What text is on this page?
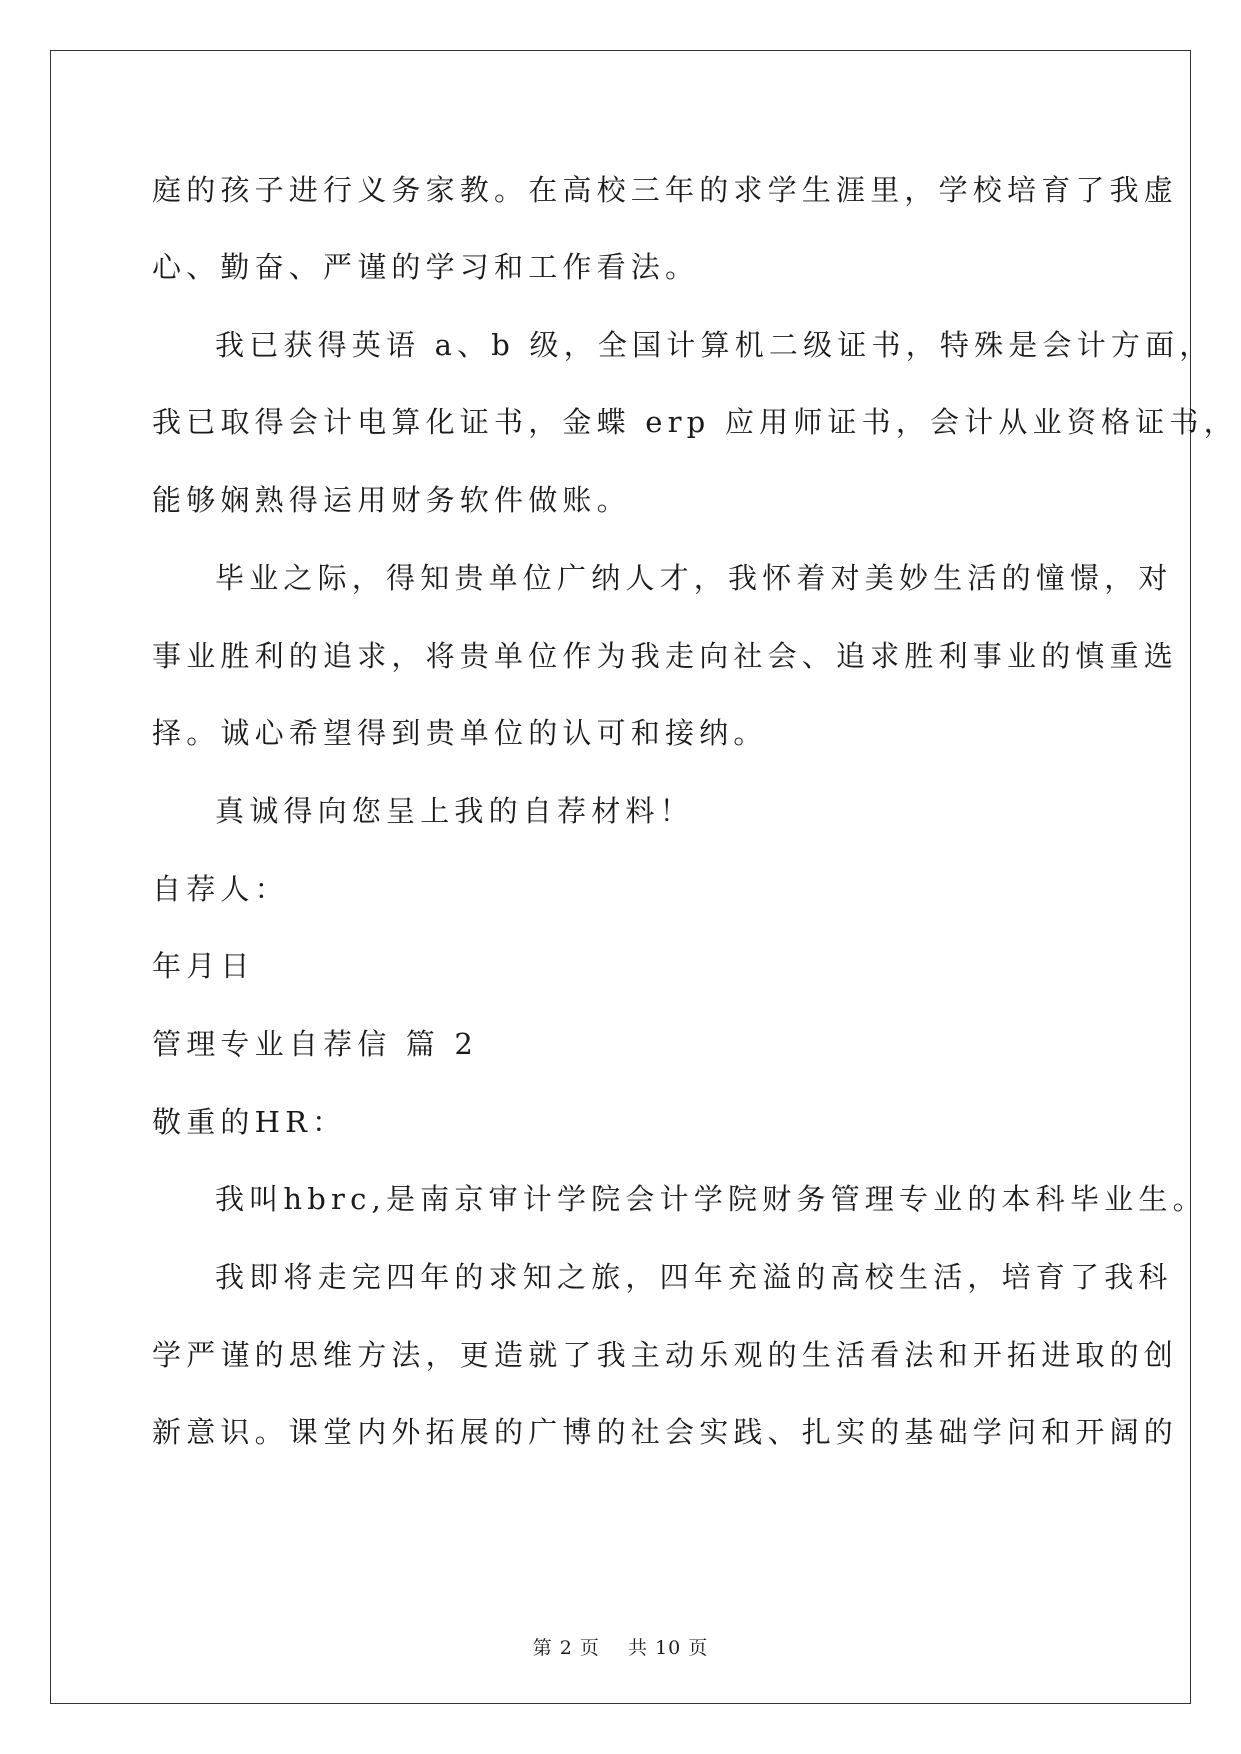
庭的孩子进行义务家教。在高校三年的求学生涯里，学校培育了我虚
心、勤奋、严谨的学习和工作看法。
我已获得英语 a、b 级，全国计算机二级证书，特殊是会计方面，
我已取得会计电算化证书，金蝶 erp 应用师证书，会计从业资格证书，
能够娴熟得运用财务软件做账。
毕业之际，得知贵单位广纳人才，我怀着对美妙生活的憧憬，对
事业胜利的追求，将贵单位作为我走向社会、追求胜利事业的慎重选
择。诚心希望得到贵单位的认可和接纳。
真诚得向您呈上我的自荐材料！
自荐人：
年月日
管理专业自荐信 篇 2
敬重的HR：
我叫hbrc,是南京审计学院会计学院财务管理专业的本科毕业生。
我即将走完四年的求知之旅，四年充溢的高校生活，培育了我科
学严谨的思维方法，更造就了我主动乐观的生活看法和开拓进取的创
新意识。课堂内外拓展的广博的社会实践、扎实的基础学问和开阔的
第 2 页    共 10 页
